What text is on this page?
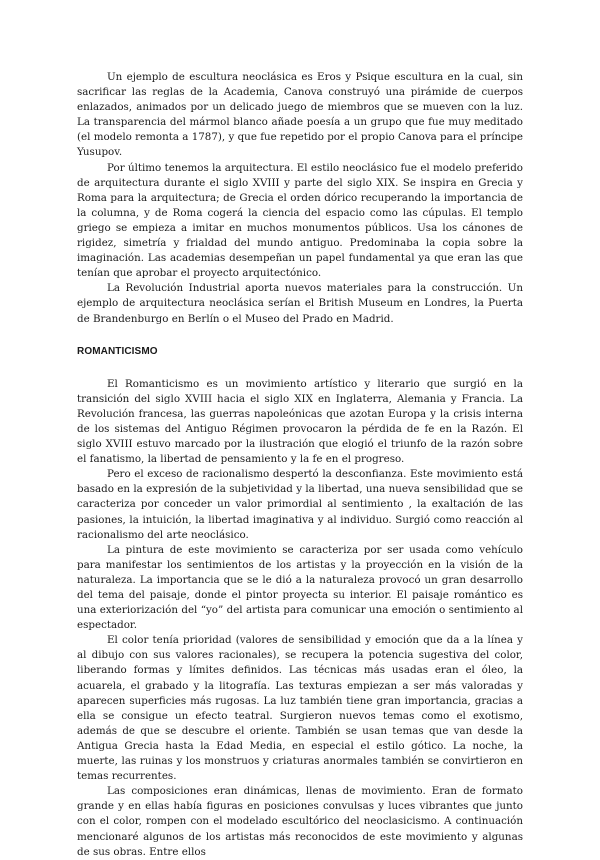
Un ejemplo de escultura neoclásica es Eros y Psique escultura en la cual, sin sacrificar las reglas de la Academia, Canova construyó una pirámide de cuerpos enlazados, animados por un delicado juego de miembros que se mueven con la luz. La transparencia del mármol blanco añade poesía a un grupo que fue muy meditado (el modelo remonta a 1787), y que fue repetido por el propio Canova para el príncipe Yusupov.

Por último tenemos la arquitectura. El estilo neoclásico fue el modelo preferido de arquitectura durante el siglo XVIII y parte del siglo XIX. Se inspira en Grecia y Roma para la arquitectura; de Grecia el orden dórico recuperando la importancia de la columna, y de Roma cogerá la ciencia del espacio como las cúpulas. El templo griego se empieza a imitar en muchos monumentos públicos. Usa los cánones de rigidez, simetría y frialdad del mundo antiguo. Predominaba la copia sobre la imaginación. Las academias desempeñan un papel fundamental ya que eran las que tenían que aprobar el proyecto arquitectónico.

La Revolución Industrial aporta nuevos materiales para la construcción. Un ejemplo de arquitectura neoclásica serían el British Museum en Londres, la Puerta de Brandenburgo en Berlín o el Museo del Prado en Madrid.

ROMANTICISMO

El Romanticismo es un movimiento artístico y literario que surgió en la transición del siglo XVIII hacia el siglo XIX en Inglaterra, Alemania y Francia. La Revolución francesa, las guerras napoleónicas que azotan Europa y la crisis interna de los sistemas del Antiguo Régimen provocaron la pérdida de fe en la Razón. El siglo XVIII estuvo marcado por la ilustración que elogió el triunfo de la razón sobre el fanatismo, la libertad de pensamiento y la fe en el progreso.

Pero el exceso de racionalismo despertó la desconfianza. Este movimiento está basado en la expresión de la subjetividad y la libertad, una nueva sensibilidad que se caracteriza por conceder un valor primordial al sentimiento , la exaltación de las pasiones, la intuición, la libertad imaginativa y al individuo. Surgió como reacción al racionalismo del arte neoclásico.

La pintura de este movimiento se caracteriza por ser usada como vehículo para manifestar los sentimientos de los artistas y la proyección en la visión de la naturaleza. La importancia que se le dió a la naturaleza provocó un gran desarrollo del tema del paisaje, donde el pintor proyecta su interior. El paisaje romántico es una exteriorización del “yo” del artista para comunicar una emoción o sentimiento al espectador.

El color tenía prioridad (valores de sensibilidad y emoción que da a la línea y al dibujo con sus valores racionales), se recupera la potencia sugestiva del color, liberando formas y límites definidos. Las técnicas más usadas eran el óleo, la acuarela, el grabado y la litografía. Las texturas empiezan a ser más valoradas y aparecen superficies más rugosas. La luz también tiene gran importancia, gracias a ella se consigue un efecto teatral. Surgieron nuevos temas como el exotismo, además de que se descubre el oriente. También se usan temas que van desde la Antigua Grecia hasta la Edad Media, en especial el estilo gótico. La noche, la muerte, las ruinas y los monstruos y criaturas anormales también se convirtieron en temas recurrentes.

Las composiciones eran dinámicas, llenas de movimiento. Eran de formato grande y en ellas había figuras en posiciones convulsas y luces vibrantes que junto con el color, rompen con el modelado escultórico del neoclasicismo. A continuación mencionaré algunos de los artistas más reconocidos de este movimiento y algunas de sus obras. Entre ellos
